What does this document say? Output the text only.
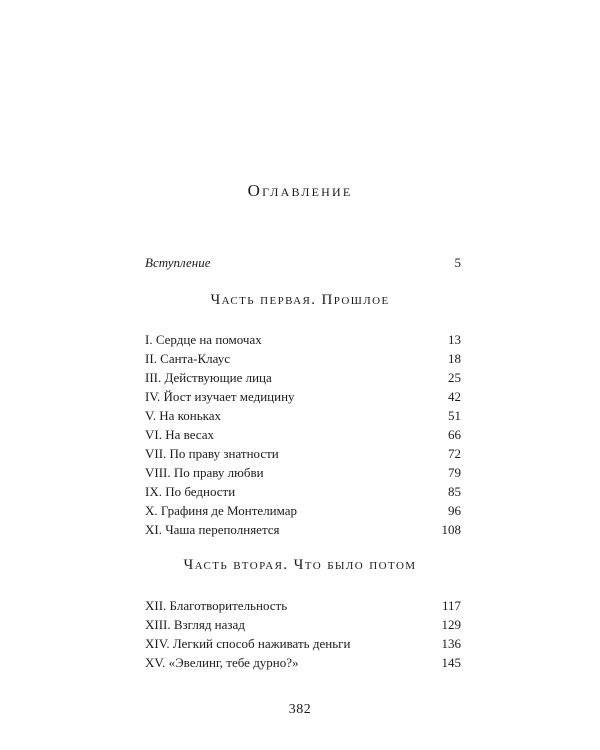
Оглавление
Вступление	5
Часть первая. Прошлое
I. Сердце на помочах	13
II. Санта-Клаус	18
III. Действующие лица	25
IV. Йост изучает медицину	42
V. На коньках	51
VI. На весах	66
VII. По праву знатности	72
VIII. По праву любви	79
IX. По бедности	85
X. Графиня де Монтелимар	96
XI. Чаша переполняется	108
Часть вторая. Что было потом
XII. Благотворительность	117
XIII. Взгляд назад	129
XIV. Легкий способ наживать деньги	136
XV. «Эвелинг, тебе дурно?»	145
382
